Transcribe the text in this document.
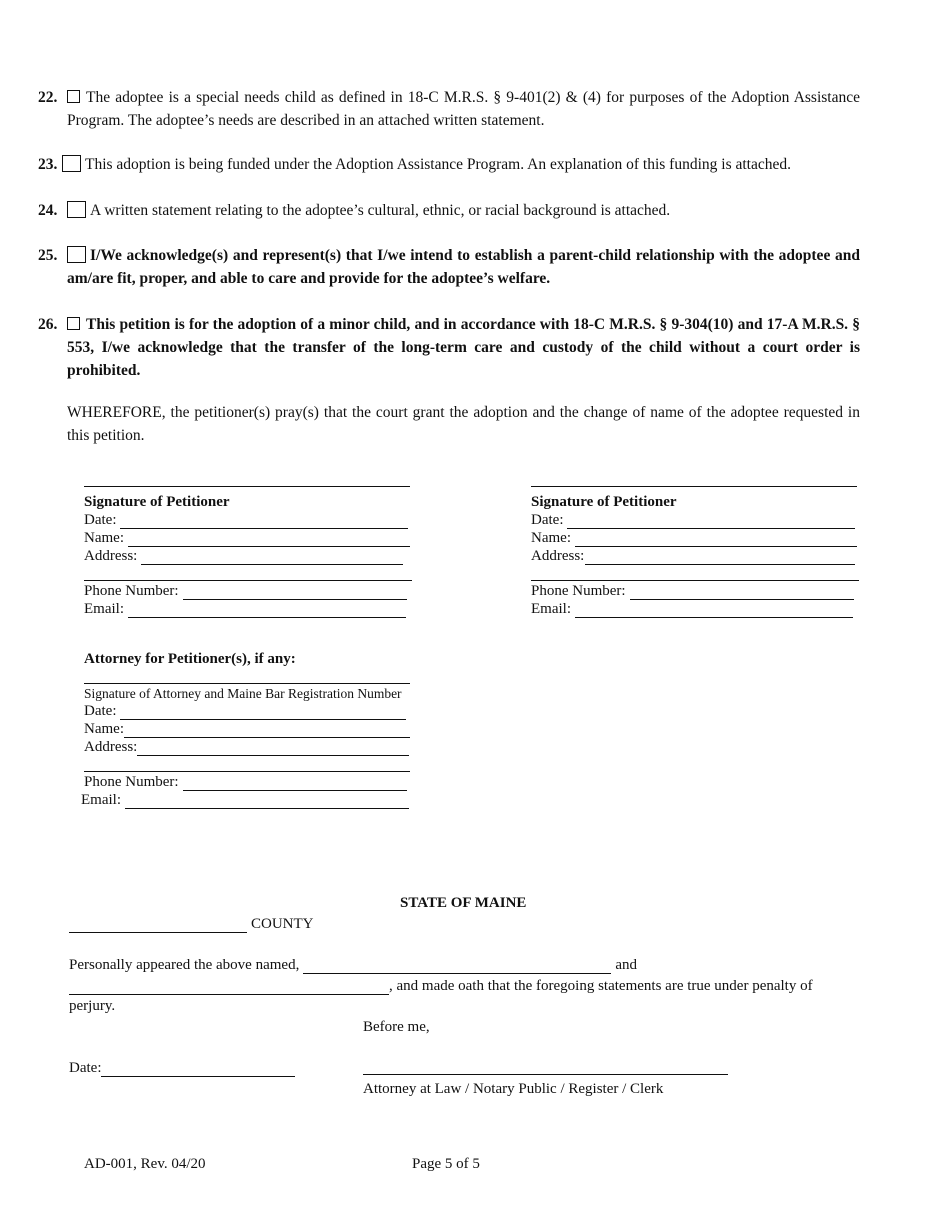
22.	The adoptee is a special needs child as defined in 18-C M.R.S. § 9-401(2) & (4) for purposes of the Adoption Assistance Program. The adoptee’s needs are described in an attached written statement.
23.	This adoption is being funded under the Adoption Assistance Program. An explanation of this funding is attached.
24.	A written statement relating to the adoptee’s cultural, ethnic, or racial background is attached.
25.	I/We acknowledge(s) and represent(s) that I/we intend to establish a parent-child relationship with the adoptee and am/are fit, proper, and able to care and provide for the adoptee’s welfare.
26.	This petition is for the adoption of a minor child, and in accordance with 18-C M.R.S. § 9-304(10) and 17-A M.R.S. § 553, I/we acknowledge that the transfer of the long-term care and custody of the child without a court order is prohibited.
WHEREFORE, the petitioner(s) pray(s) that the court grant the adoption and the change of name of the adoptee requested in this petition.
Signature of Petitioner
Date:
Name:
Address:
Phone Number:
Email:
Signature of Petitioner
Date:
Name:
Address:
Phone Number:
Email:
Attorney for Petitioner(s), if any:
Signature of Attorney and Maine Bar Registration Number
Date:
Name:
Address:
Phone Number:
Email:
STATE OF MAINE
COUNTY
Personally appeared the above named,	and
, and made oath that the foregoing statements are true under penalty of
perjury.
Before me,
Date:
Attorney at Law / Notary Public / Register / Clerk
AD-001, Rev. 04/20	Page 5 of 5
